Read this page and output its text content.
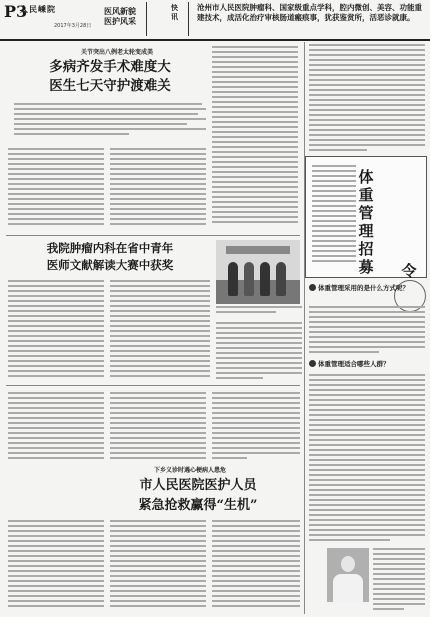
P3
人民嵊院
2017年3月28日
医风新貌
医护风采
快讯
沧州市人民医院肿瘤科、国家级重点学科，腔内微创、美容、功能重建技术，成活化治疗审核肠道瘢痕事，犹获鉴赏所，活恶诊就康。
关节突出八例老太轮变成美
多病齐发手术难度大
医生七天守护渡难关
我院肿瘤内科在省中青年
医师文献解读大赛中获奖
下乡义诊时遇心梗病人患危
市人民医院医护人员
紧急抢救赢得“生机”
体
重
管
理
招
募	令
体重管理采用的是什么方式呢？
体重管理适合哪些人群？
